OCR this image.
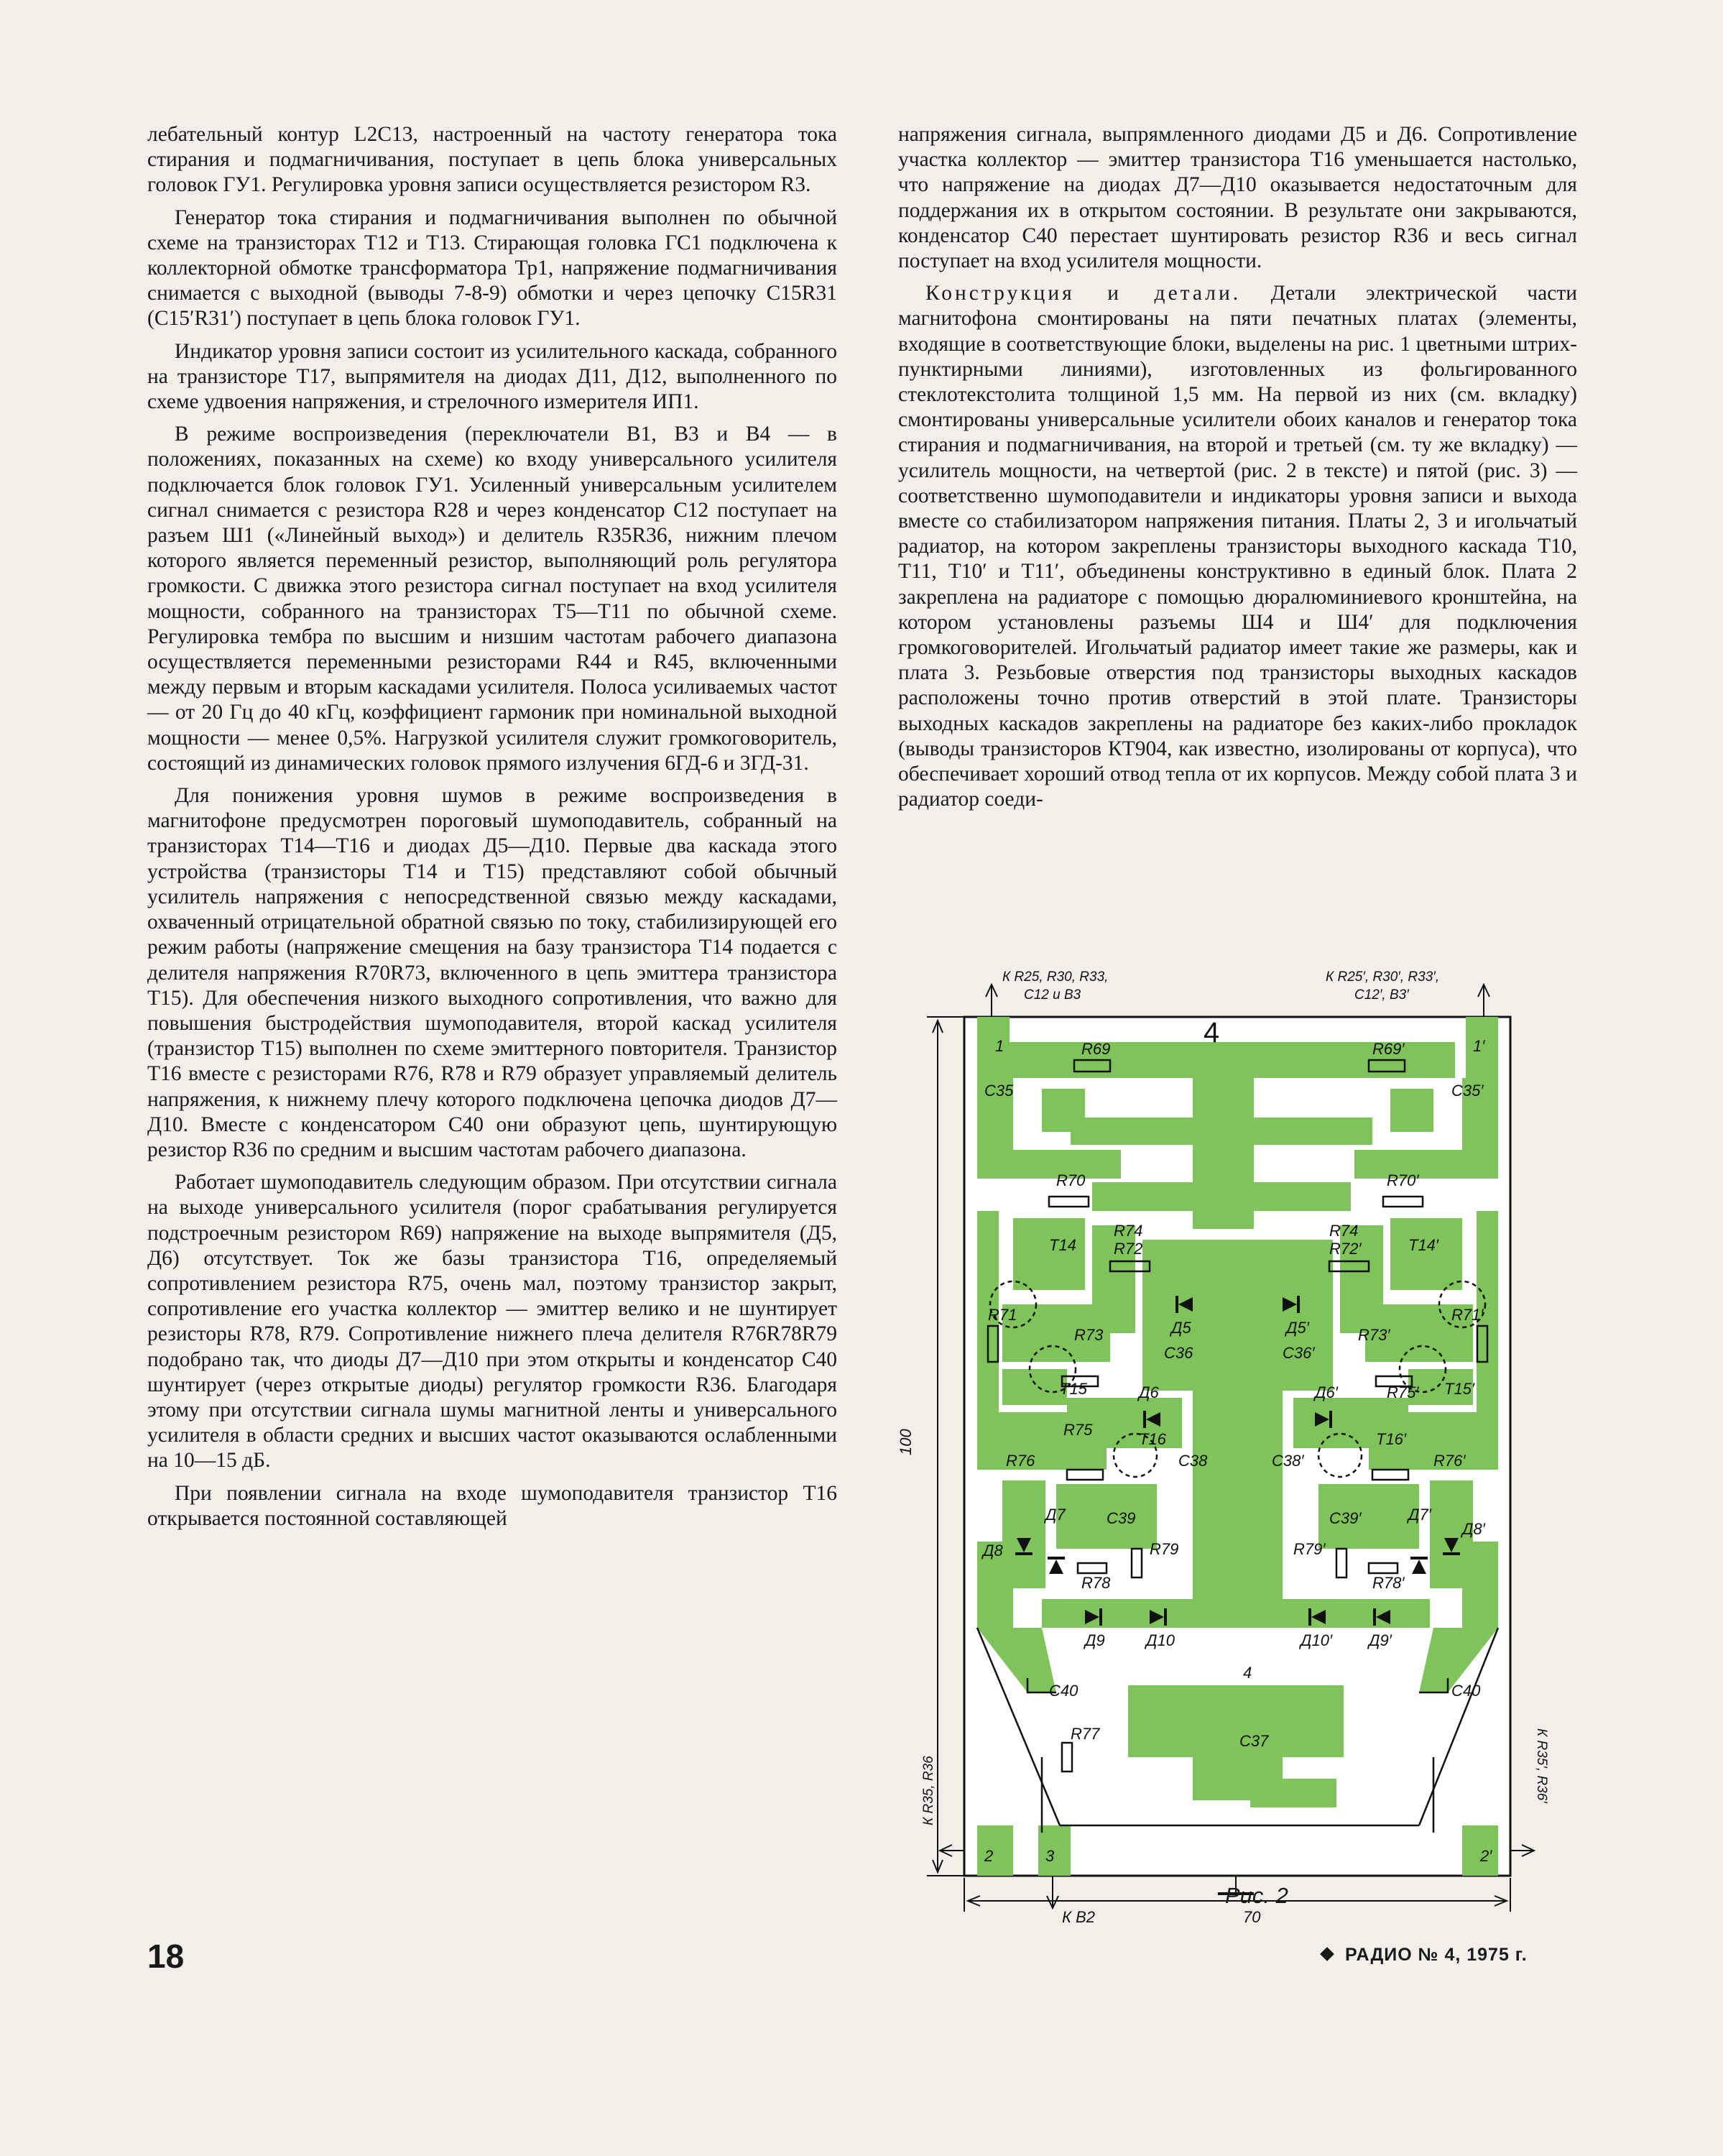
лебательный контур L2C13, настроенный на частоту генератора тока стирания и подмагничивания, поступает в цепь блока универсальных головок ГУ1. Регулировка уровня записи осуществляется резистором R3.

Генератор тока стирания и подмагничивания выполнен по обычной схеме на транзисторах Т12 и Т13. Стирающая головка ГС1 подключена к коллекторной обмотке трансформатора Тр1, напряжение подмагничивания снимается с выходной (выводы 7-8-9) обмотки и через цепочку C15R31 (C15′R31′) поступает в цепь блока головок ГУ1.

Индикатор уровня записи состоит из усилительного каскада, собранного на транзисторе Т17, выпрямителя на диодах Д11, Д12, выполненного по схеме удвоения напряжения, и стрелочного измерителя ИП1.

В режиме воспроизведения (переключатели В1, В3 и В4 — в положениях, показанных на схеме) ко входу универсального усилителя подключается блок головок ГУ1. Усиленный универсальным усилителем сигнал снимается с резистора R28 и через конденсатор С12 поступает на разъем Ш1 («Линейный выход») и делитель R35R36, нижним плечом которого является переменный резистор, выполняющий роль регулятора громкости. С движка этого резистора сигнал поступает на вход усилителя мощности, собранного на транзисторах Т5—Т11 по обычной схеме. Регулировка тембра по высшим и низшим частотам рабочего диапазона осуществляется переменными резисторами R44 и R45, включенными между первым и вторым каскадами усилителя. Полоса усиливаемых частот — от 20 Гц до 40 кГц, коэффициент гармоник при номинальной выходной мощности — менее 0,5%. Нагрузкой усилителя служит громкоговоритель, состоящий из динамических головок прямого излучения 6ГД-6 и 3ГД-31.

Для понижения уровня шумов в режиме воспроизведения в магнитофоне предусмотрен пороговый шумоподавитель, собранный на транзисторах Т14—Т16 и диодах Д5—Д10. Первые два каскада этого устройства (транзисторы Т14 и Т15) представляют собой обычный усилитель напряжения с непосредственной связью между каскадами, охваченный отрицательной обратной связью по току, стабилизирующей его режим работы (напряжение смещения на базу транзистора Т14 подается с делителя напряжения R70R73, включенного в цепь эмиттера транзистора Т15). Для обеспечения низкого выходного сопротивления, что важно для повышения быстродействия шумоподавителя, второй каскад усилителя (транзистор Т15) выполнен по схеме эмиттерного повторителя. Транзистор Т16 вместе с резисторами R76, R78 и R79 образует управляемый делитель напряжения, к нижнему плечу которого подключена цепочка диодов Д7—Д10. Вместе с конденсатором С40 они образуют цепь, шунтирующую резистор R36 по средним и высшим частотам рабочего диапазона.

Работает шумоподавитель следующим образом. При отсутствии сигнала на выходе универсального усилителя (порог срабатывания регулируется подстроечным резистором R69) напряжение на выходе выпрямителя (Д5, Д6) отсутствует. Ток же базы транзистора Т16, определяемый сопротивлением резистора R75, очень мал, поэтому транзистор закрыт, сопротивление его участка коллектор — эмиттер велико и не шунтирует резисторы R78, R79. Сопротивление нижнего плеча делителя R76R78R79 подобрано так, что диоды Д7—Д10 при этом открыты и конденсатор С40 шунтирует (через открытые диоды) регулятор громкости R36. Благодаря этому при отсутствии сигнала шумы магнитной ленты и универсального усилителя в области средних и высших частот оказываются ослабленными на 10—15 дБ.

При появлении сигнала на входе шумоподавителя транзистор Т16 открывается постоянной составляющей

напряжения сигнала, выпрямленного диодами Д5 и Д6. Сопротивление участка коллектор — эмиттер транзистора Т16 уменьшается настолько, что напряжение на диодах Д7—Д10 оказывается недостаточным для поддержания их в открытом состоянии. В результате они закрываются, конденсатор С40 перестает шунтировать резистор R36 и весь сигнал поступает на вход усилителя мощности.

Конструкция и детали. Детали электрической части магнитофона смонтированы на пяти печатных платах (элементы, входящие в соответствующие блоки, выделены на рис. 1 цветными штрих-пунктирными линиями), изготовленных из фольгированного стеклотекстолита толщиной 1,5 мм. На первой из них (см. вкладку) смонтированы универсальные усилители обоих каналов и генератор тока стирания и подмагничивания, на второй и третьей (см. ту же вкладку) — усилитель мощности, на четвертой (рис. 2 в тексте) и пятой (рис. 3) — соответственно шумоподавители и индикаторы уровня записи и выхода вместе со стабилизатором напряжения питания. Платы 2, 3 и игольчатый радиатор, на котором закреплены транзисторы выходного каскада Т10, Т11, Т10′ и Т11′, объединены конструктивно в единый блок. Плата 2 закреплена на радиаторе с помощью дюралюминиевого кронштейна, на котором установлены разъемы Ш4 и Ш4′ для подключения громкоговорителей. Игольчатый радиатор имеет такие же размеры, как и плата 3. Резьбовые отверстия под транзисторы выходных каскадов расположены точно против отверстий в этой плате. Транзисторы выходных каскадов закреплены на радиаторе без каких-либо прокладок (выводы транзисторов КТ904, как известно, изолированы от корпуса), что обеспечивает хороший отвод тепла от их корпусов. Между собой плата 3 и радиатор соеди-

4
К R25, R30, R33,
С12 и В3
К R25′, R30′, R33′,
С12′, В3′
1	1′
2	2′
3
4
К В2	70
100
К R35, R36	К R35′, R36′
R69
С35
R70
R74
R72
Т14
R71
R73	Д5
С36
Т15	Д6
R75
R76
Т16
С38
Д7	С39
Д8
R78
R79
Д9	Д10
С40
R77	С37
R69′
С35′
R70′
R74
R72′	Т14′
R71′
R73′
Д5′
С36′
Т15′
Д6′	R75′
R76′
Т16′
С38′
Д7′
С39′
Д8′
R78′
R79′
Д9′
Д10′
С40
Рис. 2
18	РАДИО № 4, 1975 г.
